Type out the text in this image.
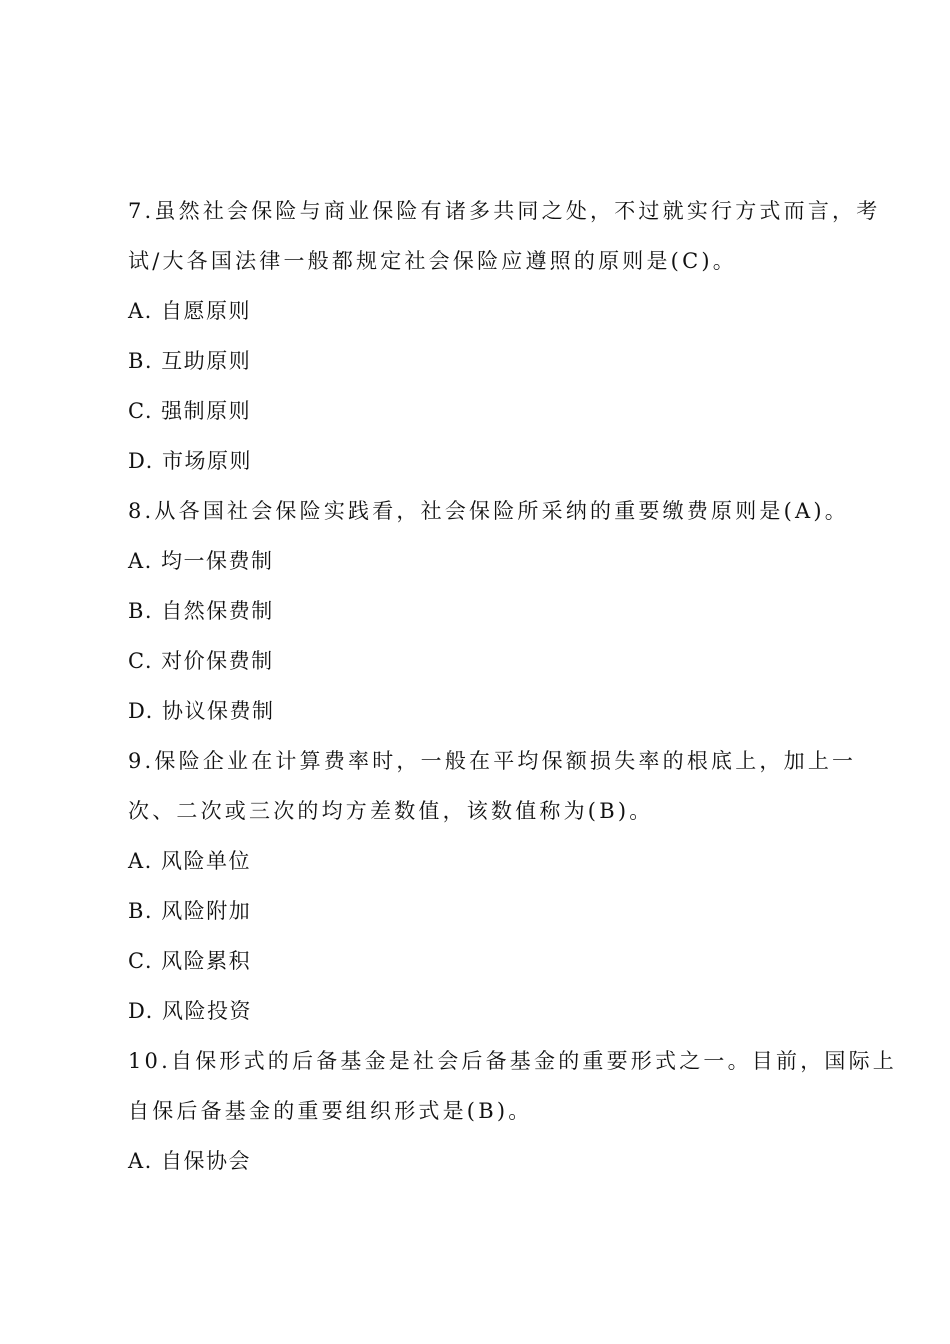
7.虽然社会保险与商业保险有诸多共同之处，不过就实行方式而言，考
试/大各国法律一般都规定社会保险应遵照的原则是(C)。
A. 自愿原则
B. 互助原则
C. 强制原则
D. 市场原则
8.从各国社会保险实践看，社会保险所采纳的重要缴费原则是(A)。
A. 均一保费制
B. 自然保费制
C. 对价保费制
D. 协议保费制
9.保险企业在计算费率时，一般在平均保额损失率的根底上，加上一
次、二次或三次的均方差数值，该数值称为(B)。
A. 风险单位
B. 风险附加
C. 风险累积
D. 风险投资
10.自保形式的后备基金是社会后备基金的重要形式之一。目前，国际上
自保后备基金的重要组织形式是(B)。
A. 自保协会
